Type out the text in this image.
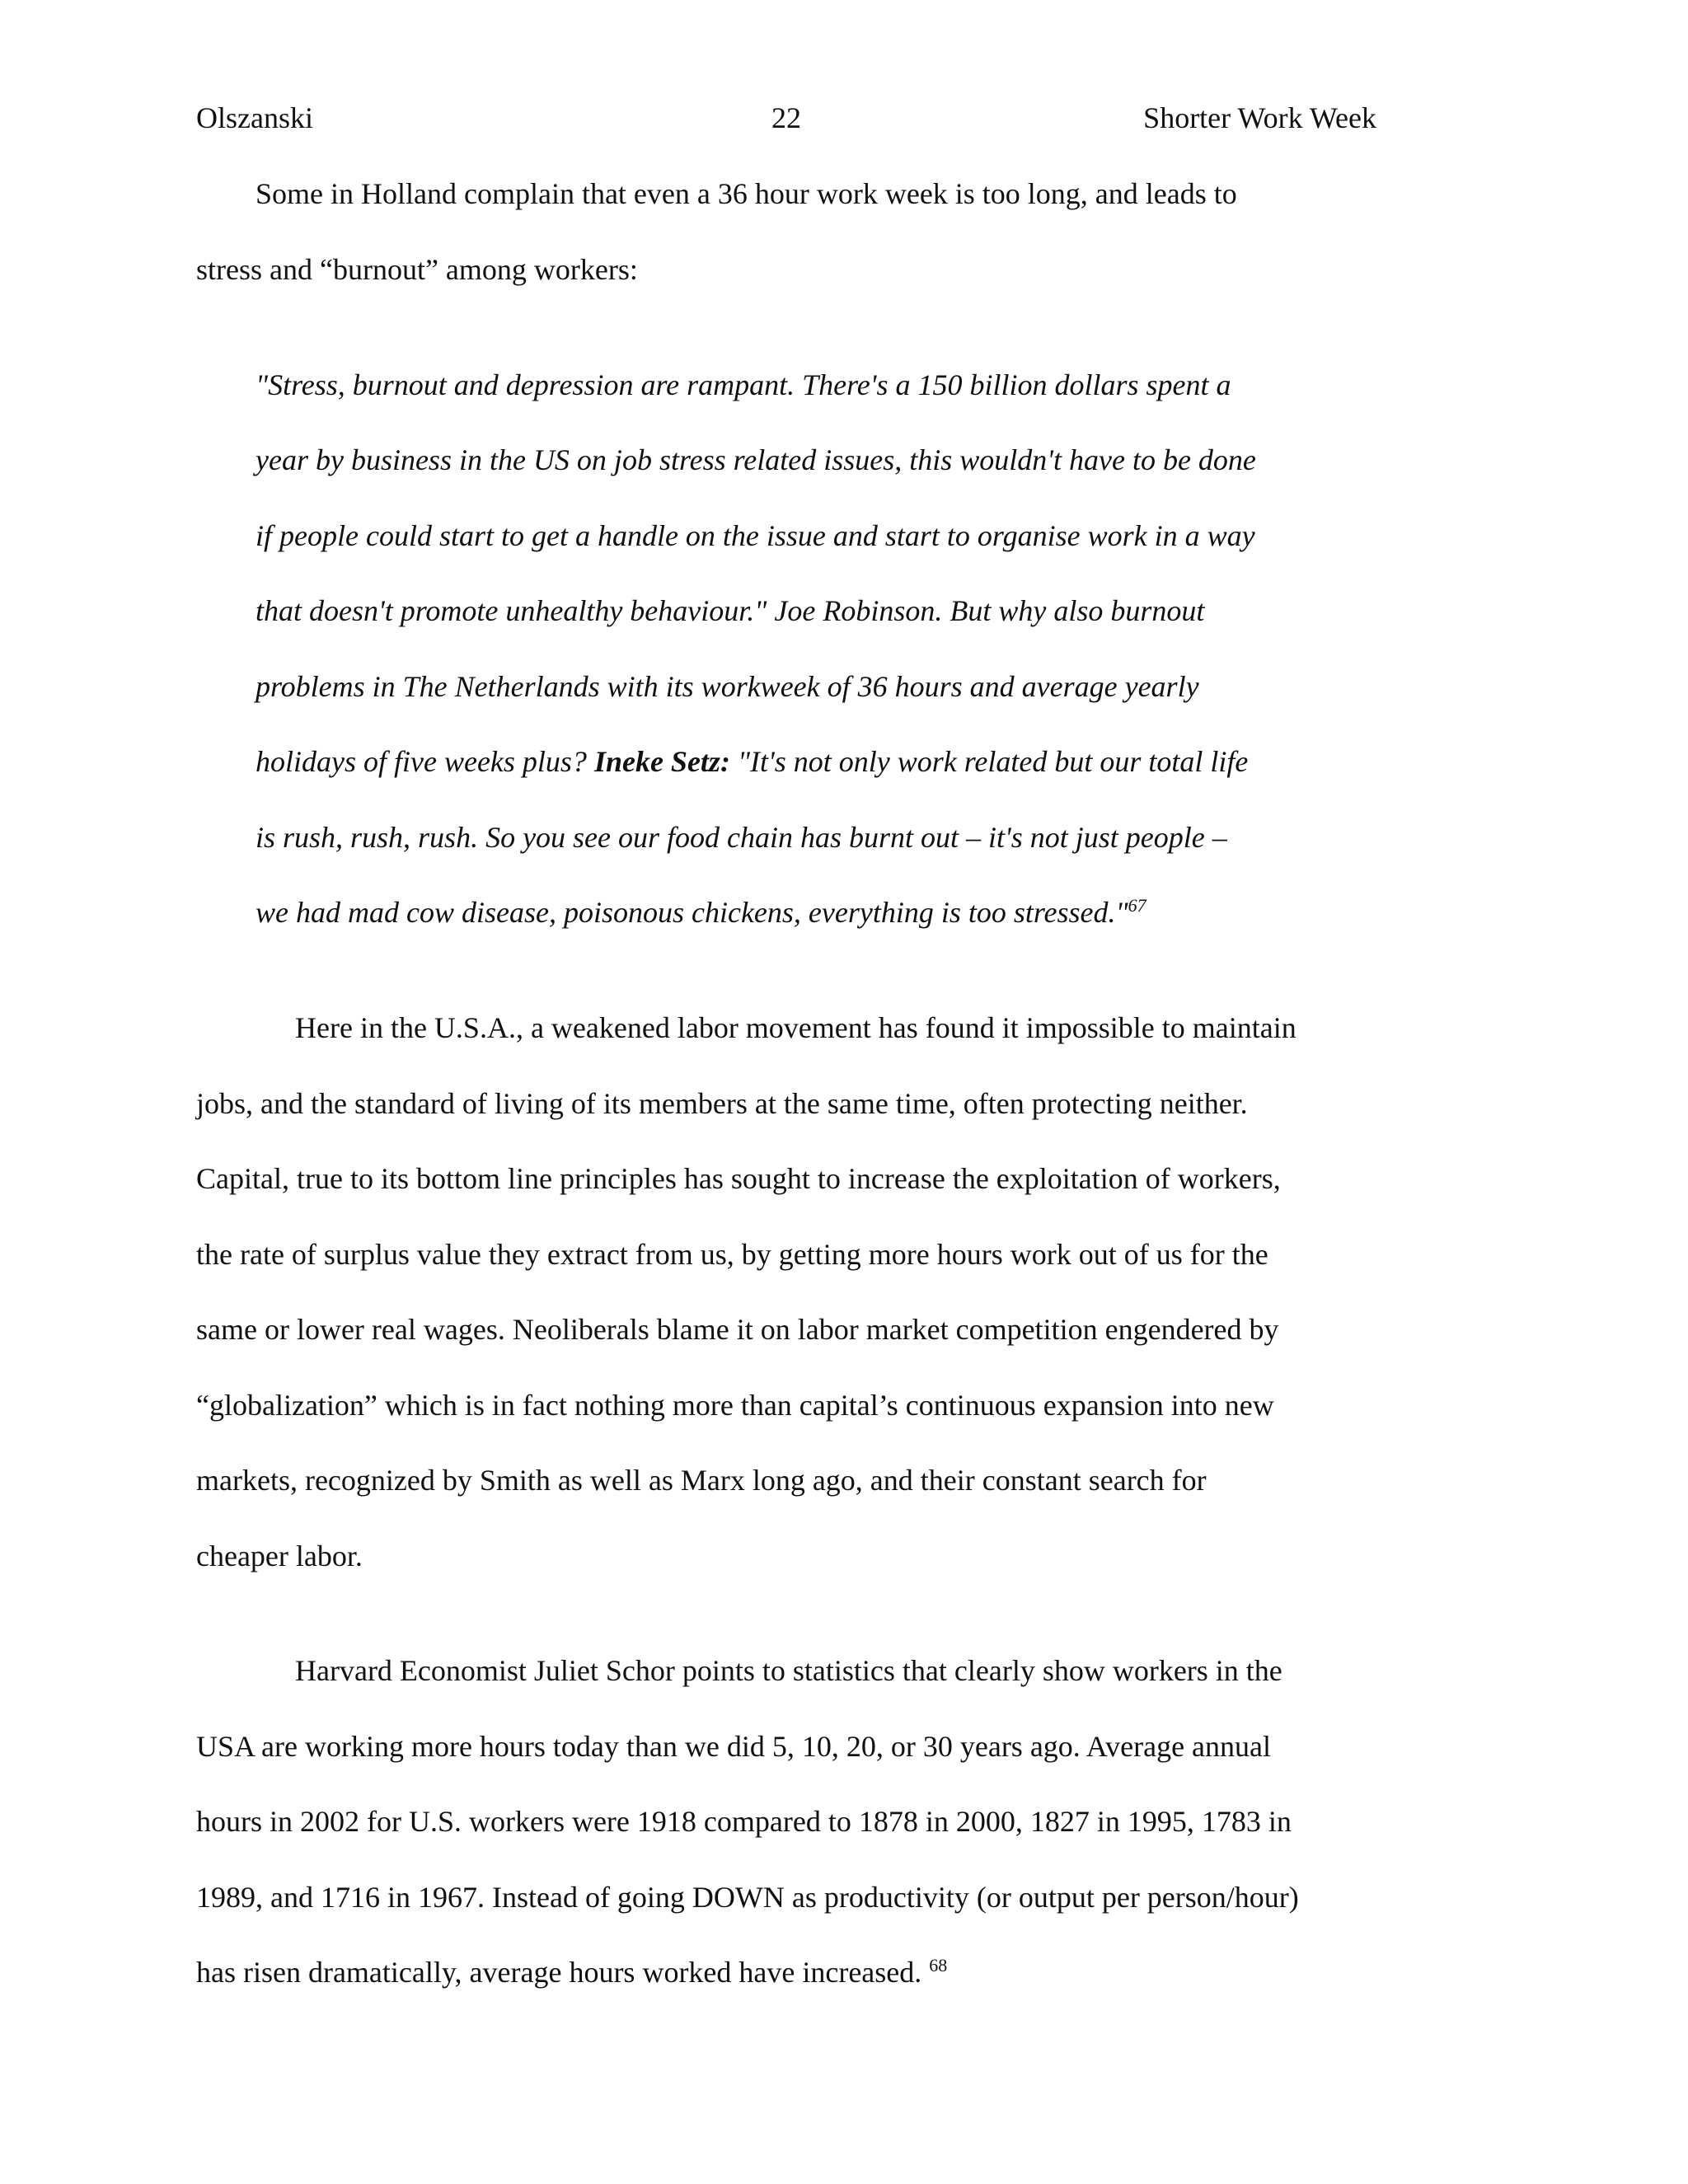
Olszanski	22	Shorter Work Week
Some in Holland complain that even a 36 hour work week is too long, and leads to
stress and “burnout” among workers:
"Stress, burnout and depression are rampant. There's a 150 billion dollars spent a
year by business in the US on job stress related issues, this wouldn't have to be done
if people could start to get a handle on the issue and start to organise work in a way
that doesn't promote unhealthy behaviour." Joe Robinson. But why also burnout
problems in The Netherlands with its workweek of 36 hours and average yearly
holidays of five weeks plus? Ineke Setz: "It's not only work related but our total life
is rush, rush, rush. So you see our food chain has burnt out – it's not just people –
we had mad cow disease, poisonous chickens, everything is too stressed."$^{67}$
Here in the U.S.A., a weakened labor movement has found it impossible to maintain
jobs, and the standard of living of its members at the same time, often protecting neither.
Capital, true to its bottom line principles has sought to increase the exploitation of workers,
the rate of surplus value they extract from us, by getting more hours work out of us for the
same or lower real wages. Neoliberals blame it on labor market competition engendered by
“globalization” which is in fact nothing more than capital’s continuous expansion into new
markets, recognized by Smith as well as Marx long ago, and their constant search for
cheaper labor.
Harvard Economist Juliet Schor points to statistics that clearly show workers in the
USA are working more hours today than we did 5, 10, 20, or 30 years ago. Average annual
hours in 2002 for U.S. workers were 1918 compared to 1878 in 2000, 1827 in 1995, 1783 in
1989, and 1716 in 1967. Instead of going DOWN as productivity (or output per person/hour)
has risen dramatically, average hours worked have increased. $^{68}$
